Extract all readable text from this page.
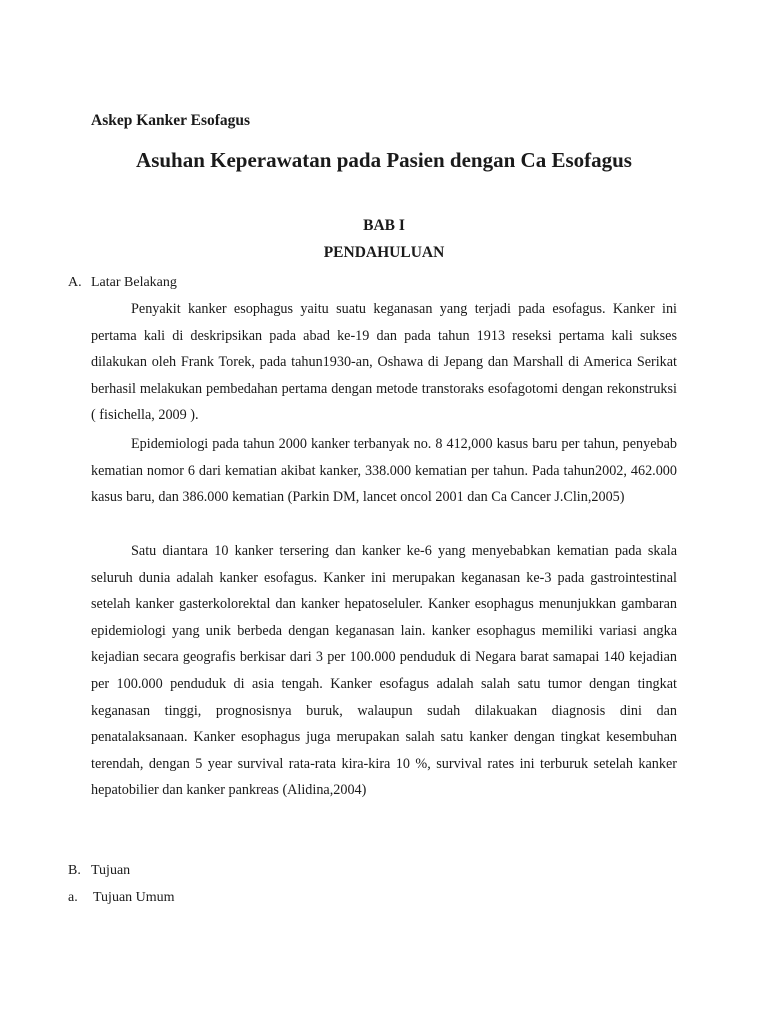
Askep Kanker Esofagus
Asuhan Keperawatan pada Pasien dengan Ca Esofagus
BAB I
PENDAHULUAN
A. Latar Belakang

Penyakit kanker esophagus yaitu suatu keganasan yang terjadi pada esofagus. Kanker ini pertama kali di deskripsikan pada abad ke-19 dan pada tahun 1913 reseksi pertama kali sukses dilakukan oleh Frank Torek, pada tahun1930-an, Oshawa di Jepang dan Marshall di America Serikat berhasil melakukan pembedahan pertama dengan metode transtoraks esofagotomi dengan rekonstruksi ( fisichella, 2009 ).

Epidemiologi pada tahun 2000 kanker terbanyak no. 8 412,000 kasus baru per tahun, penyebab kematian nomor 6 dari kematian akibat kanker, 338.000 kematian per tahun. Pada tahun2002, 462.000 kasus baru, dan 386.000 kematian (Parkin DM, lancet oncol 2001 dan Ca Cancer J.Clin,2005)

Satu diantara 10 kanker tersering dan kanker ke-6 yang menyebabkan kematian pada skala seluruh dunia adalah kanker esofagus. Kanker ini merupakan keganasan ke-3 pada gastrointestinal setelah kanker gasterkolorektal dan kanker hepatoseluler. Kanker esophagus menunjukkan gambaran epidemiologi yang unik berbeda dengan keganasan lain. kanker esophagus memiliki variasi angka kejadian secara geografis berkisar dari 3 per 100.000 penduduk di Negara barat samapai 140 kejadian per 100.000 penduduk di asia tengah. Kanker esofagus adalah salah satu tumor dengan tingkat keganasan tinggi, prognosisnya buruk, walaupun sudah dilakuakan diagnosis dini dan penatalaksanaan. Kanker esophagus juga merupakan salah satu kanker dengan tingkat kesembuhan terendah, dengan 5 year survival rata-rata kira-kira 10 %, survival rates ini terburuk setelah kanker hepatobilier dan kanker pankreas (Alidina,2004)

B. Tujuan
a. Tujuan Umum
